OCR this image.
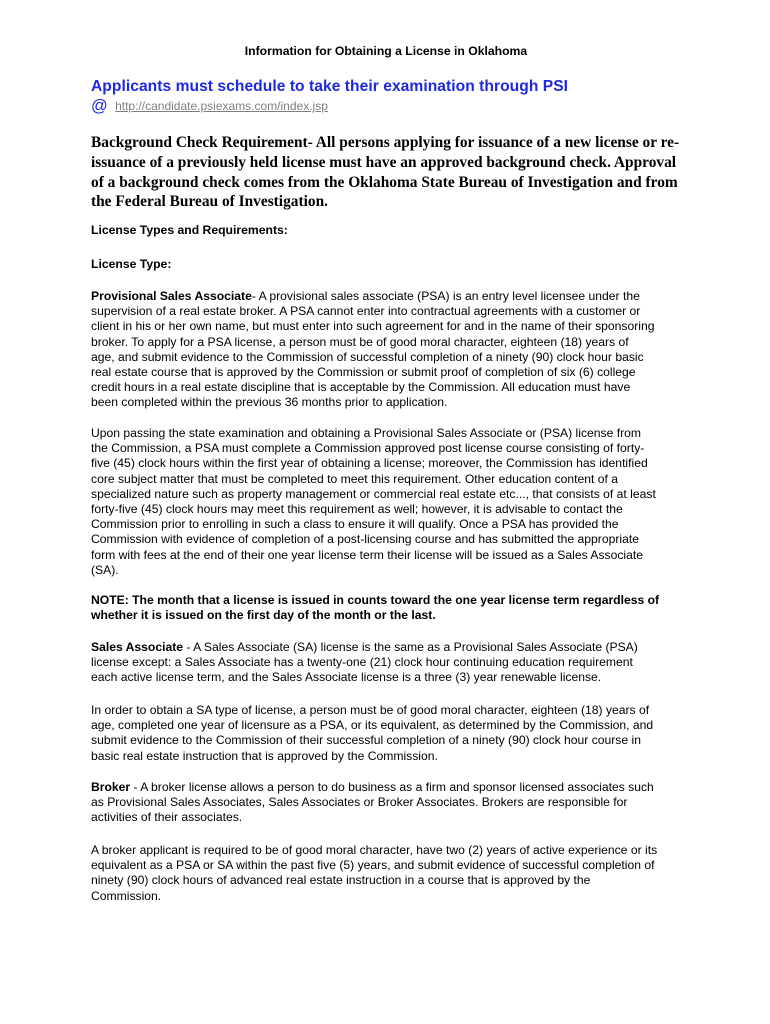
Information for Obtaining a License in Oklahoma
Applicants must schedule to take their examination through PSI
@ http://candidate.psiexams.com/index.jsp
Background Check Requirement- All persons applying for issuance of a new license or re-
issuance of a previously held license must have an approved background check. Approval
of a background check comes from the Oklahoma State Bureau of Investigation and from
the Federal Bureau of Investigation.
License Types and Requirements:
License Type:
Provisional Sales Associate- A provisional sales associate (PSA) is an entry level licensee under the
supervision of a real estate broker. A PSA cannot enter into contractual agreements with a customer or
client in his or her own name, but must enter into such agreement for and in the name of their sponsoring
broker. To apply for a PSA license, a person must be of good moral character, eighteen (18) years of
age, and submit evidence to the Commission of successful completion of a ninety (90) clock hour basic
real estate course that is approved by the Commission or submit proof of completion of six (6) college
credit hours in a real estate discipline that is acceptable by the Commission. All education must have
been completed within the previous 36 months prior to application.
Upon passing the state examination and obtaining a Provisional Sales Associate or (PSA) license from
the Commission, a PSA must complete a Commission approved post license course consisting of forty-
five (45) clock hours within the first year of obtaining a license; moreover, the Commission has identified
core subject matter that must be completed to meet this requirement. Other education content of a
specialized nature such as property management or commercial real estate etc..., that consists of at least
forty-five (45) clock hours may meet this requirement as well; however, it is advisable to contact the
Commission prior to enrolling in such a class to ensure it will qualify. Once a PSA has provided the
Commission with evidence of completion of a post-licensing course and has submitted the appropriate
form with fees at the end of their one year license term their license will be issued as a Sales Associate
(SA).
NOTE: The month that a license is issued in counts toward the one year license term regardless of
whether it is issued on the first day of the month or the last.
Sales Associate - A Sales Associate (SA) license is the same as a Provisional Sales Associate (PSA)
license except: a Sales Associate has a twenty-one (21) clock hour continuing education requirement
each active license term, and the Sales Associate license is a three (3) year renewable license.
In order to obtain a SA type of license, a person must be of good moral character, eighteen (18) years of
age, completed one year of licensure as a PSA, or its equivalent, as determined by the Commission, and
submit evidence to the Commission of their successful completion of a ninety (90) clock hour course in
basic real estate instruction that is approved by the Commission.
Broker - A broker license allows a person to do business as a firm and sponsor licensed associates such
as Provisional Sales Associates, Sales Associates or Broker Associates. Brokers are responsible for
activities of their associates.
A broker applicant is required to be of good moral character, have two (2) years of active experience or its
equivalent as a PSA or SA within the past five (5) years, and submit evidence of successful completion of
ninety (90) clock hours of advanced real estate instruction in a course that is approved by the
Commission.
